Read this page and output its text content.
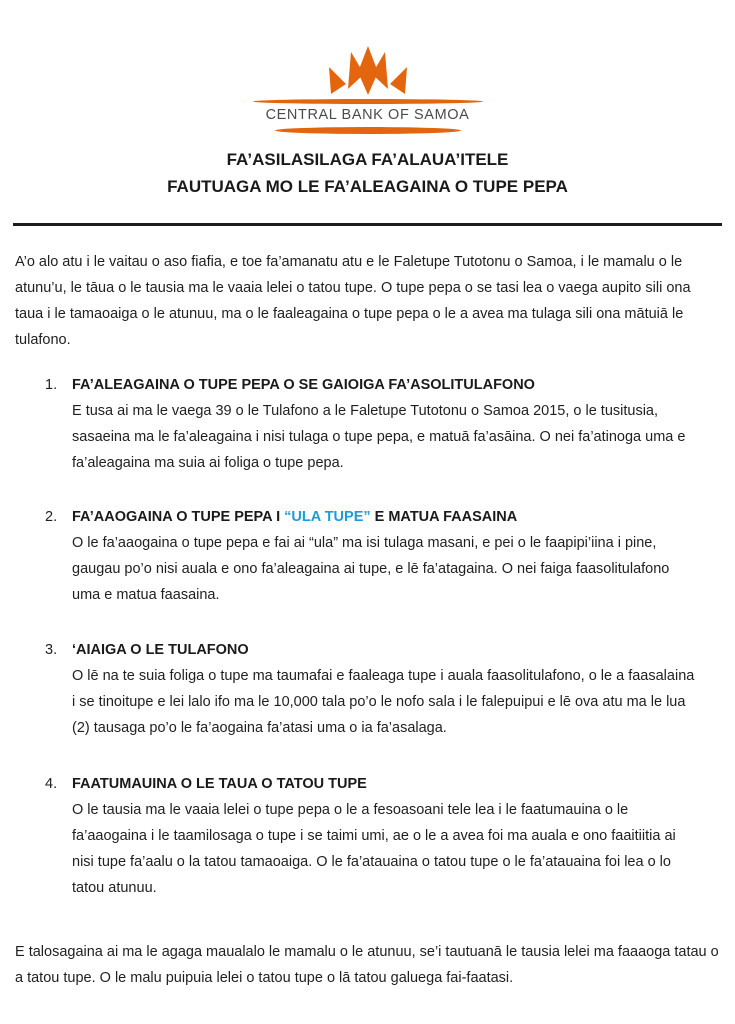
CENTRAL BANK OF SAMOA
FA’ASILASILAGA FA’ALAUA’ITELE
FAUTUAGA MO LE FA’ALEAGAINA O TUPE PEPA

A’o alo atu i le vaitau o aso fiafia, e toe fa’amanatu atu e le Faletupe Tutotonu o Samoa, i le mamalu o le atunu’u, le tāua o le tausia ma le vaaia lelei o tatou tupe. O tupe pepa o se tasi lea o vaega aupito sili ona taua i le tamaoaiga o le atunuu, ma o le faaleagaina o tupe pepa o le a avea ma tulaga sili ona mātuiā le tulafono.

1. FA’ALEAGAINA O TUPE PEPA O SE GAIOIGA FA’ASOLITULAFONO
E tusa ai ma le vaega 39 o le Tulafono a le Faletupe Tutotonu o Samoa 2015, o le tusitusia, sasaeina ma le fa’aleagaina i nisi tulaga o tupe pepa, e matuā fa’asāina. O nei fa’atinoga uma e fa’aleagaina ma suia ai foliga o tupe pepa.
2. FA’AAOGAINA O TUPE PEPA I “ULA TUPE” E MATUA FAASAINA
O le fa’aaogaina o tupe pepa e fai ai “ula” ma isi tulaga masani, e pei o le faapipi’iina i pine, gaugau po’o nisi auala e ono fa’aleagaina ai tupe, e lē fa’atagaina. O nei faiga faasolitulafono uma e matua faasaina.
3. ‘AIAIGA O LE TULAFONO
O lē na te suia foliga o tupe ma taumafai e faaleaga tupe i auala faasolitulafono, o le a faasalaina i se tinoitupe e lei lalo ifo ma le 10,000 tala po’o le nofo sala i le falepuipui e lē ova atu ma le lua (2) tausaga po’o le fa’aogaina fa’atasi uma o ia fa’asalaga.
4. FAATUMAUINA O LE TAUA O TATOU TUPE
O le tausia ma le vaaia lelei o tupe pepa o le a fesoasoani tele lea i le faatumauina o le fa’aaogaina i le taamilosaga o tupe i se taimi umi, ae o le a avea foi ma auala e ono faaitiitia ai nisi tupe fa’aalu o la tatou tamaoaiga. O le fa’atauaina o tatou tupe o le fa’atauaina foi lea o lo tatou atunuu.

E talosagaina ai ma le agaga maualalo le mamalu o le atunuu, se’i tautuanā le tausia lelei ma faaaoga tatau o a tatou tupe. O le malu puipuia lelei o tatou tupe o lā tatou galuega fai-faatasi.
